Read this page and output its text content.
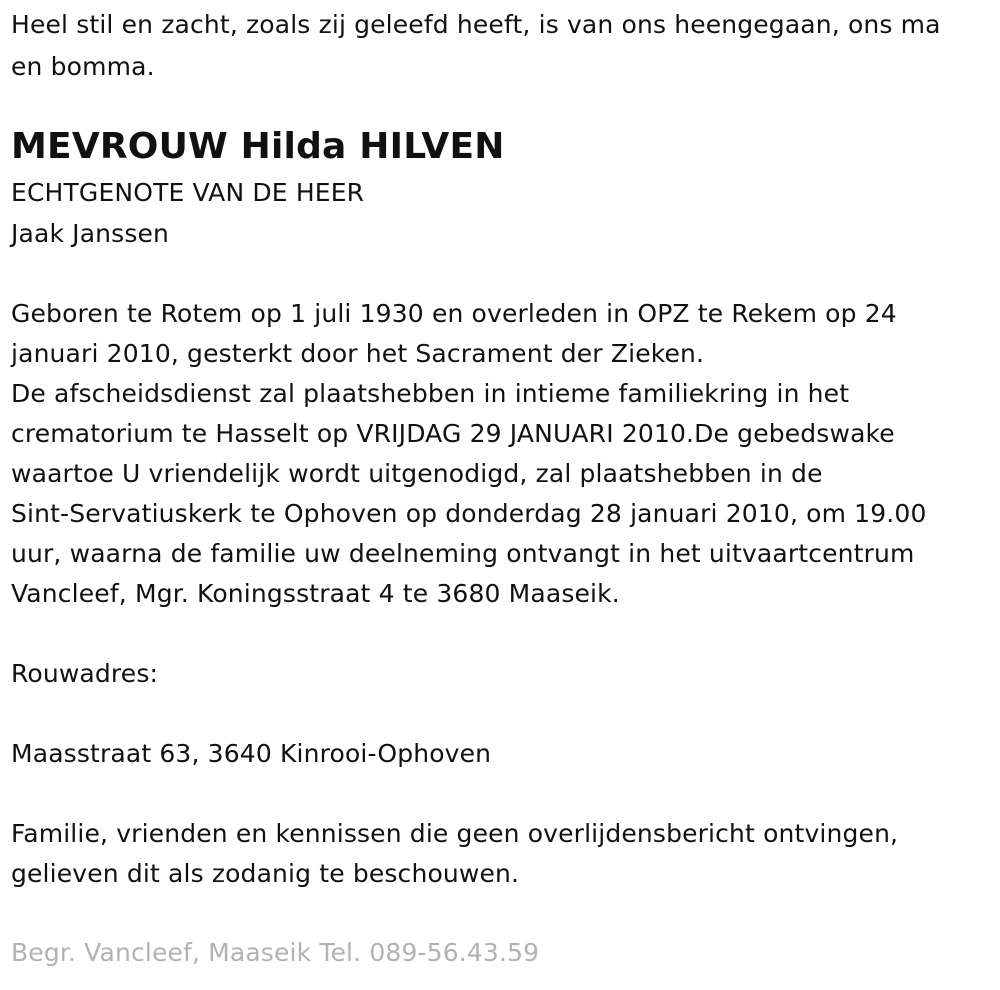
Heel stil en zacht, zoals zij geleefd heeft, is van ons heengegaan, ons ma
en bomma.
MEVROUW Hilda HILVEN
ECHTGENOTE VAN DE HEER
Jaak Janssen
Geboren te Rotem op 1 juli 1930 en overleden in OPZ te Rekem op 24
januari 2010, gesterkt door het Sacrament der Zieken.
De afscheidsdienst zal plaatshebben in intieme familiekring in het
crematorium te Hasselt op VRIJDAG 29 JANUARI 2010.De gebedswake
waartoe U vriendelijk wordt uitgenodigd, zal plaatshebben in de
Sint-Servatiuskerk te Ophoven op donderdag 28 januari 2010, om 19.00
uur, waarna de familie uw deelneming ontvangt in het uitvaartcentrum
Vancleef, Mgr. Koningsstraat 4 te 3680 Maaseik.
Rouwadres:
Maasstraat 63, 3640 Kinrooi-Ophoven
Familie, vrienden en kennissen die geen overlijdensbericht ontvingen,
gelieven dit als zodanig te beschouwen.
Begr. Vancleef, Maaseik Tel. 089-56.43.59
